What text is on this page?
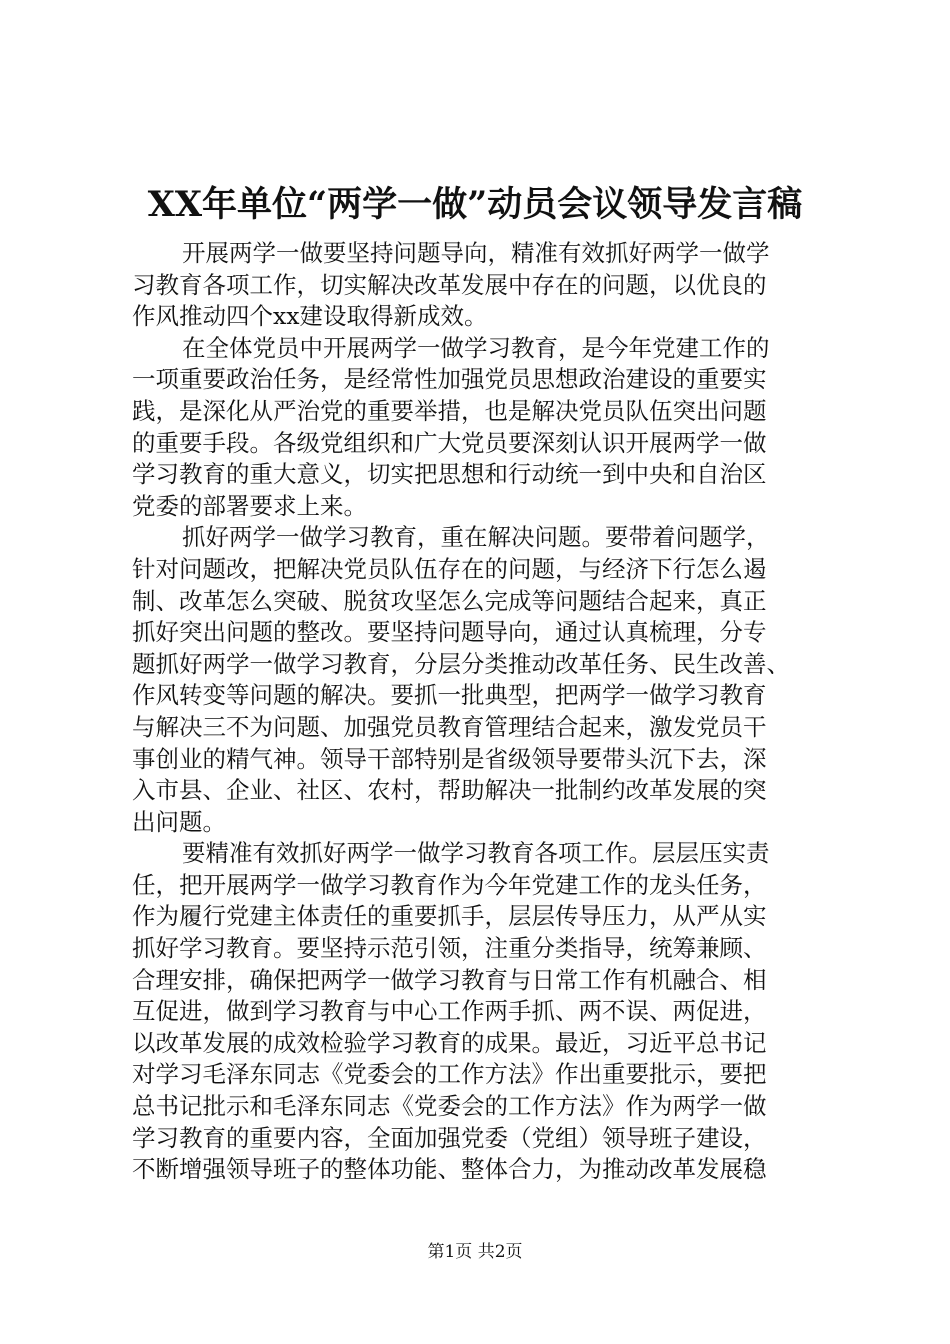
XX年单位“两学一做”动员会议领导发言稿
开展两学一做要坚持问题导向，精准有效抓好两学一做学
习教育各项工作，切实解决改革发展中存在的问题，以优良的
作风推动四个xx建设取得新成效。
在全体党员中开展两学一做学习教育，是今年党建工作的
一项重要政治任务，是经常性加强党员思想政治建设的重要实
践，是深化从严治党的重要举措，也是解决党员队伍突出问题
的重要手段。各级党组织和广大党员要深刻认识开展两学一做
学习教育的重大意义，切实把思想和行动统一到中央和自治区
党委的部署要求上来。
抓好两学一做学习教育，重在解决问题。要带着问题学，
针对问题改，把解决党员队伍存在的问题，与经济下行怎么遏
制、改革怎么突破、脱贫攻坚怎么完成等问题结合起来，真正
抓好突出问题的整改。要坚持问题导向，通过认真梳理，分专
题抓好两学一做学习教育，分层分类推动改革任务、民生改善、
作风转变等问题的解决。要抓一批典型，把两学一做学习教育
与解决三不为问题、加强党员教育管理结合起来，激发党员干
事创业的精气神。领导干部特别是省级领导要带头沉下去，深
入市县、企业、社区、农村，帮助解决一批制约改革发展的突
出问题。
要精准有效抓好两学一做学习教育各项工作。层层压实责
任，把开展两学一做学习教育作为今年党建工作的龙头任务，
作为履行党建主体责任的重要抓手，层层传导压力，从严从实
抓好学习教育。要坚持示范引领，注重分类指导，统筹兼顾、
合理安排，确保把两学一做学习教育与日常工作有机融合、相
互促进，做到学习教育与中心工作两手抓、两不误、两促进，
以改革发展的成效检验学习教育的成果。最近，习近平总书记
对学习毛泽东同志《党委会的工作方法》作出重要批示，要把
总书记批示和毛泽东同志《党委会的工作方法》作为两学一做
学习教育的重要内容，全面加强党委（党组）领导班子建设，
不断增强领导班子的整体功能、整体合力，为推动改革发展稳
第1页 共2页
